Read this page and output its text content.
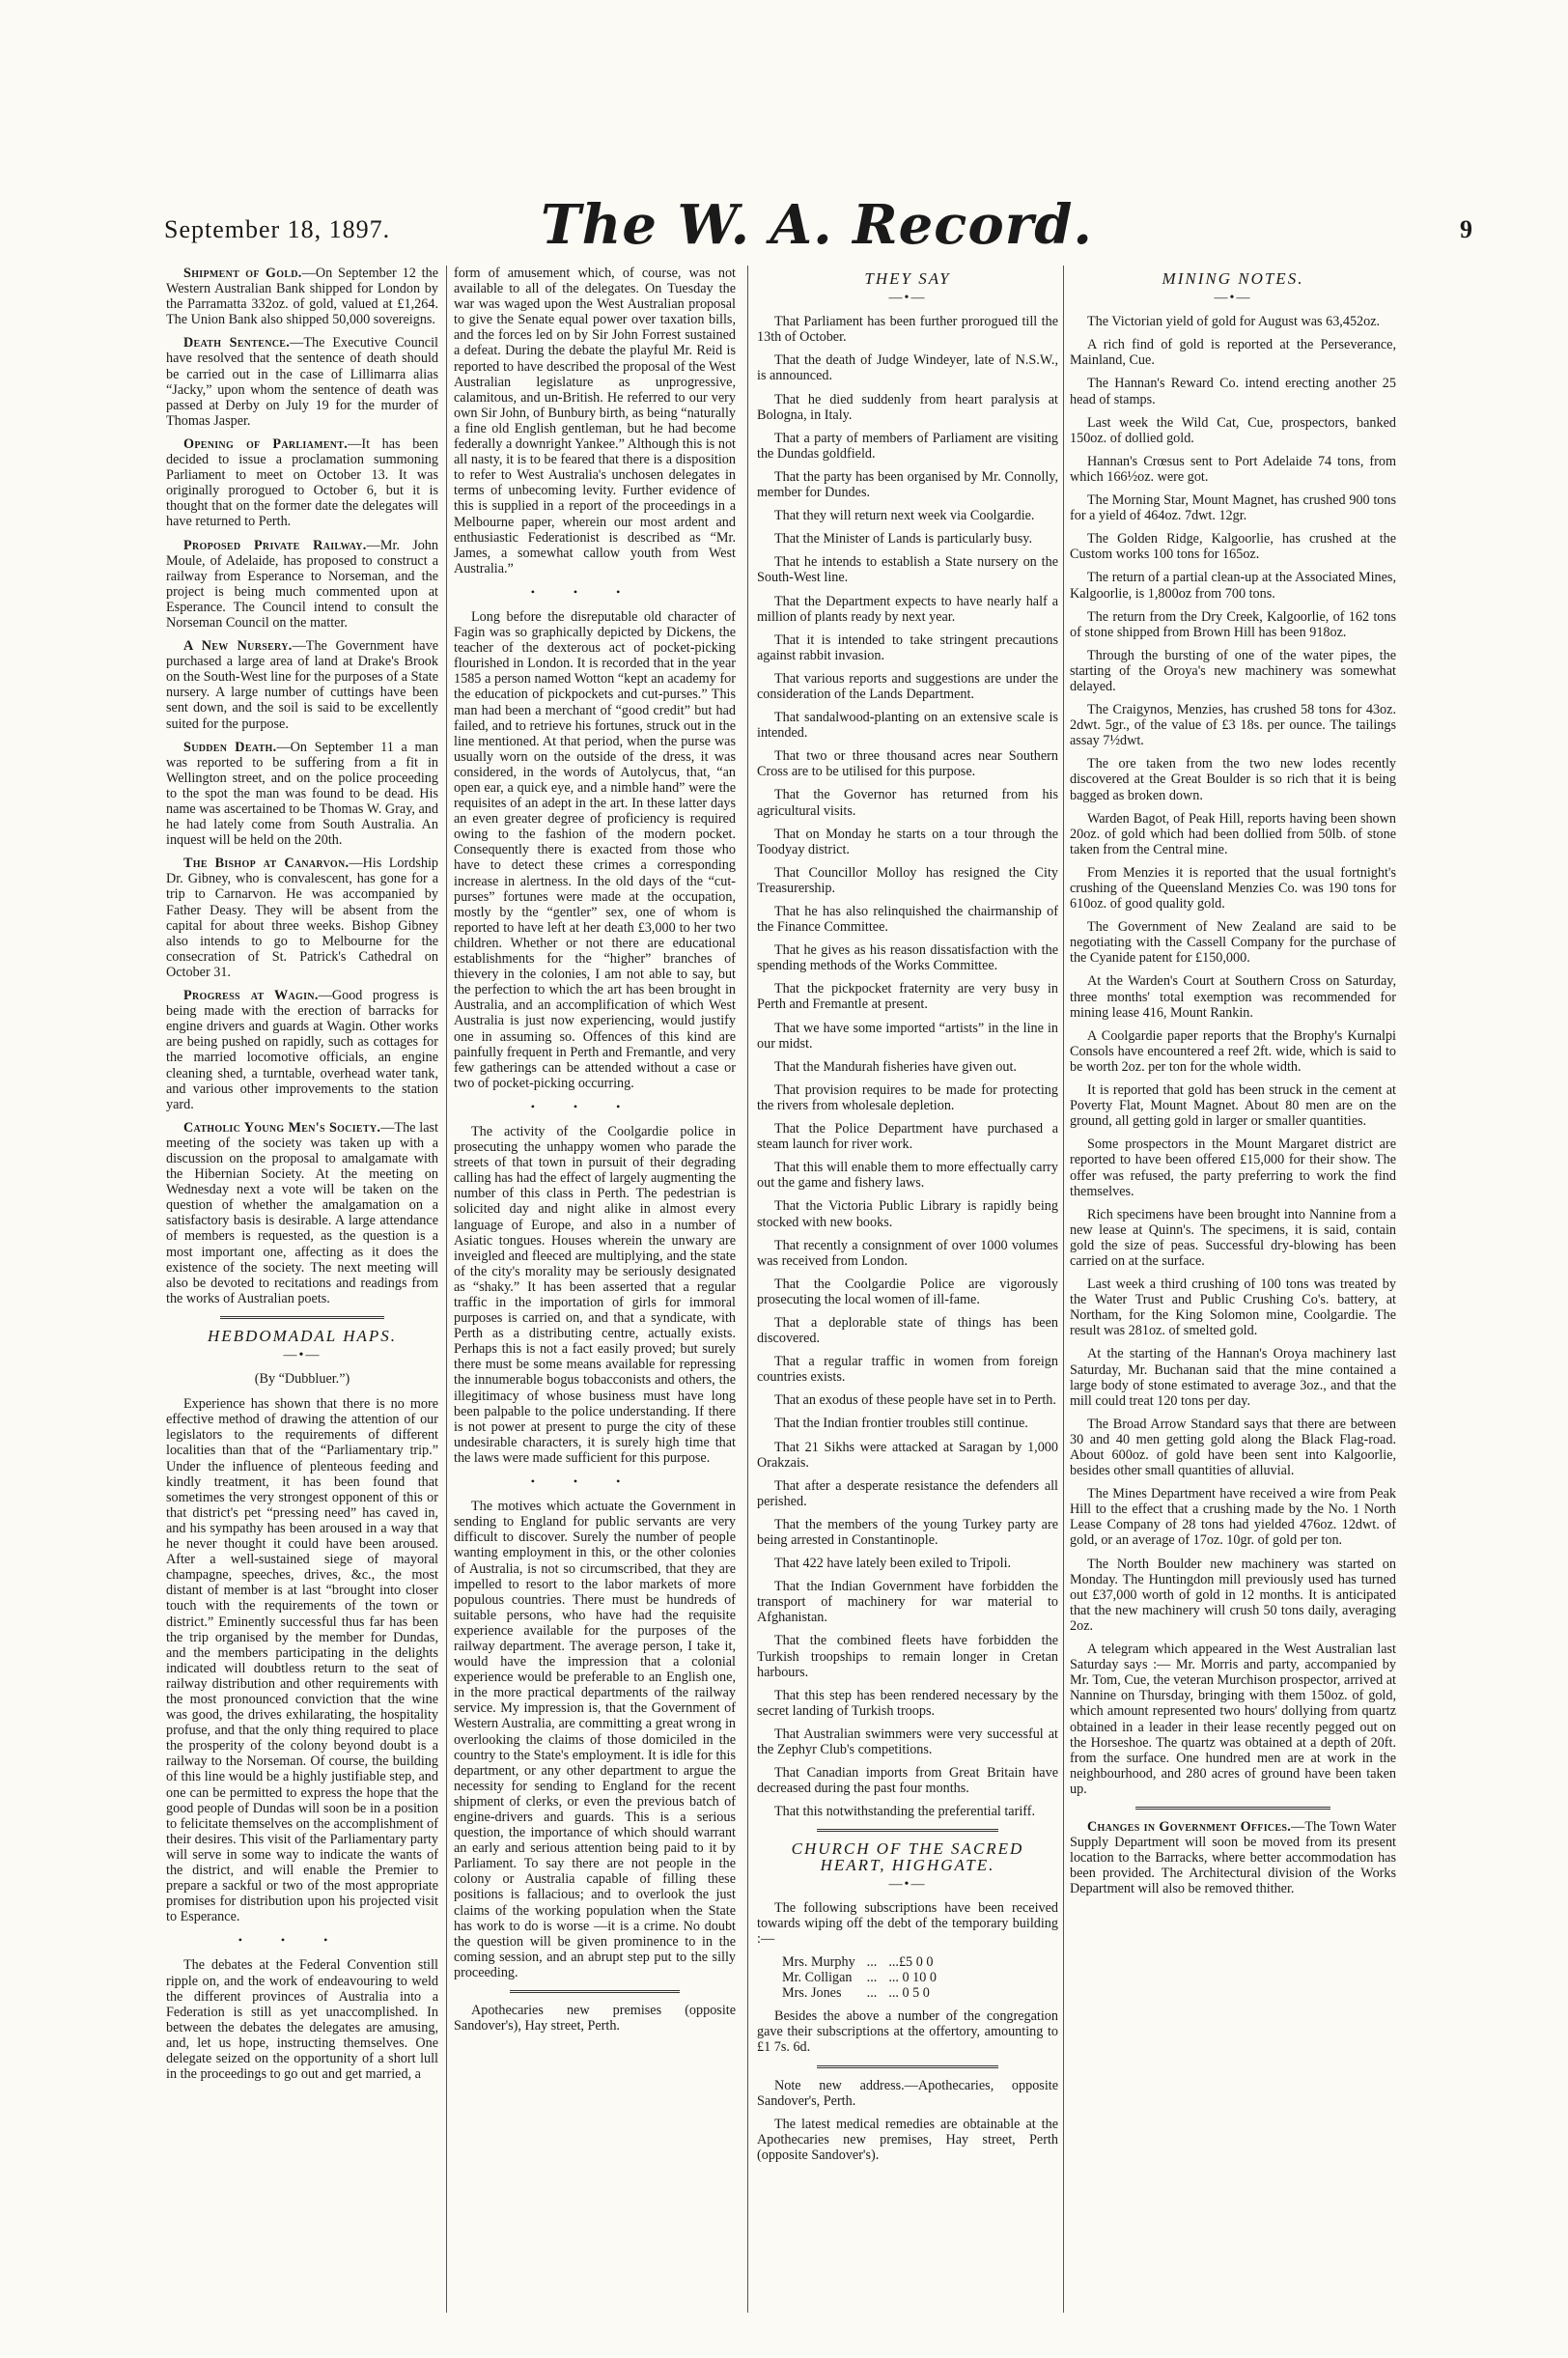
September 18, 1897.	The W. A. Record.	9

Shipment of Gold.—On September 12 the Western Australian Bank shipped for London by the Parramatta 332oz. of gold, valued at £1,264. The Union Bank also shipped 50,000 sovereigns.

Death Sentence.—The Executive Council have resolved that the sentence of death should be carried out in the case of Lillimarra alias “Jacky,” upon whom the sentence of death was passed at Derby on July 19 for the murder of Thomas Jasper.

Opening of Parliament.—It has been decided to issue a proclamation summoning Parliament to meet on October 13. It was originally prorogued to October 6, but it is thought that on the former date the delegates will have returned to Perth.

Proposed Private Railway.—Mr. John Moule, of Adelaide, has proposed to construct a railway from Esperance to Norseman, and the project is being much commented upon at Esperance. The Council intend to consult the Norseman Council on the matter.

A New Nursery.—The Government have purchased a large area of land at Drake's Brook on the South-West line for the purposes of a State nursery. A large number of cuttings have been sent down, and the soil is said to be excellently suited for the purpose.

Sudden Death.—On September 11 a man was reported to be suffering from a fit in Wellington street, and on the police proceeding to the spot the man was found to be dead. His name was ascertained to be Thomas W. Gray, and he had lately come from South Australia. An inquest will be held on the 20th.

The Bishop at Canarvon.—His Lordship Dr. Gibney, who is convalescent, has gone for a trip to Carnarvon. He was accompanied by Father Deasy. They will be absent from the capital for about three weeks. Bishop Gibney also intends to go to Melbourne for the consecration of St. Patrick's Cathedral on October 31.

Progress at Wagin.—Good progress is being made with the erection of barracks for engine drivers and guards at Wagin. Other works are being pushed on rapidly, such as cottages for the married locomotive officials, an engine cleaning shed, a turntable, overhead water tank, and various other improvements to the station yard.

Catholic Young Men's Society.—The last meeting of the society was taken up with a discussion on the proposal to amalgamate with the Hibernian Society. At the meeting on Wednesday next a vote will be taken on the question of whether the amalgamation on a satisfactory basis is desirable. A large attendance of members is requested, as the question is a most important one, affecting as it does the existence of the society. The next meeting will also be devoted to recitations and readings from the works of Australian poets.

HEBDOMADAL HAPS.

—•—

(By “Dubbluer.”)

Experience has shown that there is no more effective method of drawing the attention of our legislators to the requirements of different localities than that of the “Parliamentary trip.” Under the influence of plenteous feeding and kindly treatment, it has been found that sometimes the very strongest opponent of this or that district's pet “pressing need” has caved in, and his sympathy has been aroused in a way that he never thought it could have been aroused. After a well-sustained siege of mayoral champagne, speeches, drives, &c., the most distant of member is at last “brought into closer touch with the requirements of the town or district.” Eminently successful thus far has been the trip organised by the member for Dundas, and the members participating in the delights indicated will doubtless return to the seat of railway distribution and other requirements with the most pronounced conviction that the wine was good, the drives exhilarating, the hospitality profuse, and that the only thing required to place the prosperity of the colony beyond doubt is a railway to the Norseman. Of course, the building of this line would be a highly justifiable step, and one can be permitted to express the hope that the good people of Dundas will soon be in a position to felicitate themselves on the accomplishment of their desires. This visit of the Parliamentary party will serve in some way to indicate the wants of the district, and will enable the Premier to prepare a sackful or two of the most appropriate promises for distribution upon his projected visit to Esperance.

•••

The debates at the Federal Convention still ripple on, and the work of endeavouring to weld the different provinces of Australia into a Federation is still as yet unaccomplished. In between the debates the delegates are amusing, and, let us hope, instructing themselves. One delegate seized on the opportunity of a short lull in the proceedings to go out and get married, a

form of amusement which, of course, was not available to all of the delegates. On Tuesday the war was waged upon the West Australian proposal to give the Senate equal power over taxation bills, and the forces led on by Sir John Forrest sustained a defeat. During the debate the playful Mr. Reid is reported to have described the proposal of the West Australian legislature as unprogressive, calamitous, and un-British. He referred to our very own Sir John, of Bunbury birth, as being “naturally a fine old English gentleman, but he had become federally a downright Yankee.” Although this is not all nasty, it is to be feared that there is a disposition to refer to West Australia's unchosen delegates in terms of unbecoming levity. Further evidence of this is supplied in a report of the proceedings in a Melbourne paper, wherein our most ardent and enthusiastic Federationist is described as “Mr. James, a somewhat callow youth from West Australia.”

•••

Long before the disreputable old character of Fagin was so graphically depicted by Dickens, the teacher of the dexterous act of pocket-picking flourished in London. It is recorded that in the year 1585 a person named Wotton “kept an academy for the education of pickpockets and cut-purses.” This man had been a merchant of “good credit” but had failed, and to retrieve his fortunes, struck out in the line mentioned. At that period, when the purse was usually worn on the outside of the dress, it was considered, in the words of Autolycus, that, “an open ear, a quick eye, and a nimble hand” were the requisites of an adept in the art. In these latter days an even greater degree of proficiency is required owing to the fashion of the modern pocket. Consequently there is exacted from those who have to detect these crimes a corresponding increase in alertness. In the old days of the “cut-purses” fortunes were made at the occupation, mostly by the “gentler” sex, one of whom is reported to have left at her death £3,000 to her two children. Whether or not there are educational establishments for the “higher” branches of thievery in the colonies, I am not able to say, but the perfection to which the art has been brought in Australia, and an accomplification of which West Australia is just now experiencing, would justify one in assuming so. Offences of this kind are painfully frequent in Perth and Fremantle, and very few gatherings can be attended without a case or two of pocket-picking occurring.

•••

The activity of the Coolgardie police in prosecuting the unhappy women who parade the streets of that town in pursuit of their degrading calling has had the effect of largely augmenting the number of this class in Perth. The pedestrian is solicited day and night alike in almost every language of Europe, and also in a number of Asiatic tongues. Houses wherein the unwary are inveigled and fleeced are multiplying, and the state of the city's morality may be seriously designated as “shaky.” It has been asserted that a regular traffic in the importation of girls for immoral purposes is carried on, and that a syndicate, with Perth as a distributing centre, actually exists. Perhaps this is not a fact easily proved; but surely there must be some means available for repressing the innumerable bogus tobacconists and others, the illegitimacy of whose business must have long been palpable to the police understanding. If there is not power at present to purge the city of these undesirable characters, it is surely high time that the laws were made sufficient for this purpose.

•••

The motives which actuate the Government in sending to England for public servants are very difficult to discover. Surely the number of people wanting employment in this, or the other colonies of Australia, is not so circumscribed, that they are impelled to resort to the labor markets of more populous countries. There must be hundreds of suitable persons, who have had the requisite experience available for the purposes of the railway department. The average person, I take it, would have the impression that a colonial experience would be preferable to an English one, in the more practical departments of the railway service. My impression is, that the Government of Western Australia, are committing a great wrong in overlooking the claims of those domiciled in the country to the State's employment. It is idle for this department, or any other department to argue the necessity for sending to England for the recent shipment of clerks, or even the previous batch of engine-drivers and guards. This is a serious question, the importance of which should warrant an early and serious attention being paid to it by Parliament. To say there are not people in the colony or Australia capable of filling these positions is fallacious; and to overlook the just claims of the working population when the State has work to do is worse —it is a crime. No doubt the question will be given prominence to in the coming session, and an abrupt step put to the silly proceeding.

Apothecaries new premises (opposite Sandover's), Hay street, Perth.

THEY SAY

—•—

That Parliament has been further prorogued till the 13th of October.

That the death of Judge Windeyer, late of N.S.W., is announced.

That he died suddenly from heart paralysis at Bologna, in Italy.

That a party of members of Parliament are visiting the Dundas goldfield.

That the party has been organised by Mr. Connolly, member for Dundes.

That they will return next week via Coolgardie.

That the Minister of Lands is particularly busy.

That he intends to establish a State nursery on the South-West line.

That the Department expects to have nearly half a million of plants ready by next year.

That it is intended to take stringent precautions against rabbit invasion.

That various reports and suggestions are under the consideration of the Lands Department.

That sandalwood-planting on an extensive scale is intended.

That two or three thousand acres near Southern Cross are to be utilised for this purpose.

That the Governor has returned from his agricultural visits.

That on Monday he starts on a tour through the Toodyay district.

That Councillor Molloy has resigned the City Treasurership.

That he has also relinquished the chairmanship of the Finance Committee.

That he gives as his reason dissatisfaction with the spending methods of the Works Committee.

That the pickpocket fraternity are very busy in Perth and Fremantle at present.

That we have some imported “artists” in the line in our midst.

That the Mandurah fisheries have given out.

That provision requires to be made for protecting the rivers from wholesale depletion.

That the Police Department have purchased a steam launch for river work.

That this will enable them to more effectually carry out the game and fishery laws.

That the Victoria Public Library is rapidly being stocked with new books.

That recently a consignment of over 1000 volumes was received from London.

That the Coolgardie Police are vigorously prosecuting the local women of ill-fame.

That a deplorable state of things has been discovered.

That a regular traffic in women from foreign countries exists.

That an exodus of these people have set in to Perth.

That the Indian frontier troubles still continue.

That 21 Sikhs were attacked at Saragan by 1,000 Orakzais.

That after a desperate resistance the defenders all perished.

That the members of the young Turkey party are being arrested in Constantinople.

That 422 have lately been exiled to Tripoli.

That the Indian Government have forbidden the transport of machinery for war material to Afghanistan.

That the combined fleets have forbidden the Turkish troopships to remain longer in Cretan harbours.

That this step has been rendered necessary by the secret landing of Turkish troops.

That Australian swimmers were very successful at the Zephyr Club's competitions.

That Canadian imports from Great Britain have decreased during the past four months.

That this notwithstanding the preferential tariff.

CHURCH OF THE SACRED HEART, HIGHGATE.

—•—

The following subscriptions have been received towards wiping off the debt of the temporary building :—

Mrs. Murphy	...	...£5 0 0
Mr. Colligan	...	... 0 10 0
Mrs. Jones	...	... 0 5 0

Besides the above a number of the congregation gave their subscriptions at the offertory, amounting to £1 7s. 6d.

Note new address.—Apothecaries, opposite Sandover's, Perth.

The latest medical remedies are obtainable at the Apothecaries new premises, Hay street, Perth (opposite Sandover's).

MINING NOTES.

—•—

The Victorian yield of gold for August was 63,452oz.

A rich find of gold is reported at the Perseverance, Mainland, Cue.

The Hannan's Reward Co. intend erecting another 25 head of stamps.

Last week the Wild Cat, Cue, prospectors, banked 150oz. of dollied gold.

Hannan's Crœsus sent to Port Adelaide 74 tons, from which 166½oz. were got.

The Morning Star, Mount Magnet, has crushed 900 tons for a yield of 464oz. 7dwt. 12gr.

The Golden Ridge, Kalgoorlie, has crushed at the Custom works 100 tons for 165oz.

The return of a partial clean-up at the Associated Mines, Kalgoorlie, is 1,800oz from 700 tons.

The return from the Dry Creek, Kalgoorlie, of 162 tons of stone shipped from Brown Hill has been 918oz.

Through the bursting of one of the water pipes, the starting of the Oroya's new machinery was somewhat delayed.

The Craigynos, Menzies, has crushed 58 tons for 43oz. 2dwt. 5gr., of the value of £3 18s. per ounce. The tailings assay 7½dwt.

The ore taken from the two new lodes recently discovered at the Great Boulder is so rich that it is being bagged as broken down.

Warden Bagot, of Peak Hill, reports having been shown 20oz. of gold which had been dollied from 50lb. of stone taken from the Central mine.

From Menzies it is reported that the usual fortnight's crushing of the Queensland Menzies Co. was 190 tons for 610oz. of good quality gold.

The Government of New Zealand are said to be negotiating with the Cassell Company for the purchase of the Cyanide patent for £150,000.

At the Warden's Court at Southern Cross on Saturday, three months' total exemption was recommended for mining lease 416, Mount Rankin.

A Coolgardie paper reports that the Brophy's Kurnalpi Consols have encountered a reef 2ft. wide, which is said to be worth 2oz. per ton for the whole width.

It is reported that gold has been struck in the cement at Poverty Flat, Mount Magnet. About 80 men are on the ground, all getting gold in larger or smaller quantities.

Some prospectors in the Mount Margaret district are reported to have been offered £15,000 for their show. The offer was refused, the party preferring to work the find themselves.

Rich specimens have been brought into Nannine from a new lease at Quinn's. The specimens, it is said, contain gold the size of peas. Successful dry-blowing has been carried on at the surface.

Last week a third crushing of 100 tons was treated by the Water Trust and Public Crushing Co's. battery, at Northam, for the King Solomon mine, Coolgardie. The result was 281oz. of smelted gold.

At the starting of the Hannan's Oroya machinery last Saturday, Mr. Buchanan said that the mine contained a large body of stone estimated to average 3oz., and that the mill could treat 120 tons per day.

The Broad Arrow Standard says that there are between 30 and 40 men getting gold along the Black Flag-road. About 600oz. of gold have been sent into Kalgoorlie, besides other small quantities of alluvial.

The Mines Department have received a wire from Peak Hill to the effect that a crushing made by the No. 1 North Lease Company of 28 tons had yielded 476oz. 12dwt. of gold, or an average of 17oz. 10gr. of gold per ton.

The North Boulder new machinery was started on Monday. The Huntingdon mill previously used has turned out £37,000 worth of gold in 12 months. It is anticipated that the new machinery will crush 50 tons daily, averaging 2oz.

A telegram which appeared in the West Australian last Saturday says :— Mr. Morris and party, accompanied by Mr. Tom, Cue, the veteran Murchison prospector, arrived at Nannine on Thursday, bringing with them 150oz. of gold, which amount represented two hours' dollying from quartz obtained in a leader in their lease recently pegged out on the Horseshoe. The quartz was obtained at a depth of 20ft. from the surface. One hundred men are at work in the neighbourhood, and 280 acres of ground have been taken up.

Changes in Government Offices.—The Town Water Supply Department will soon be moved from its present location to the Barracks, where better accommodation has been provided. The Architectural division of the Works Department will also be removed thither.
